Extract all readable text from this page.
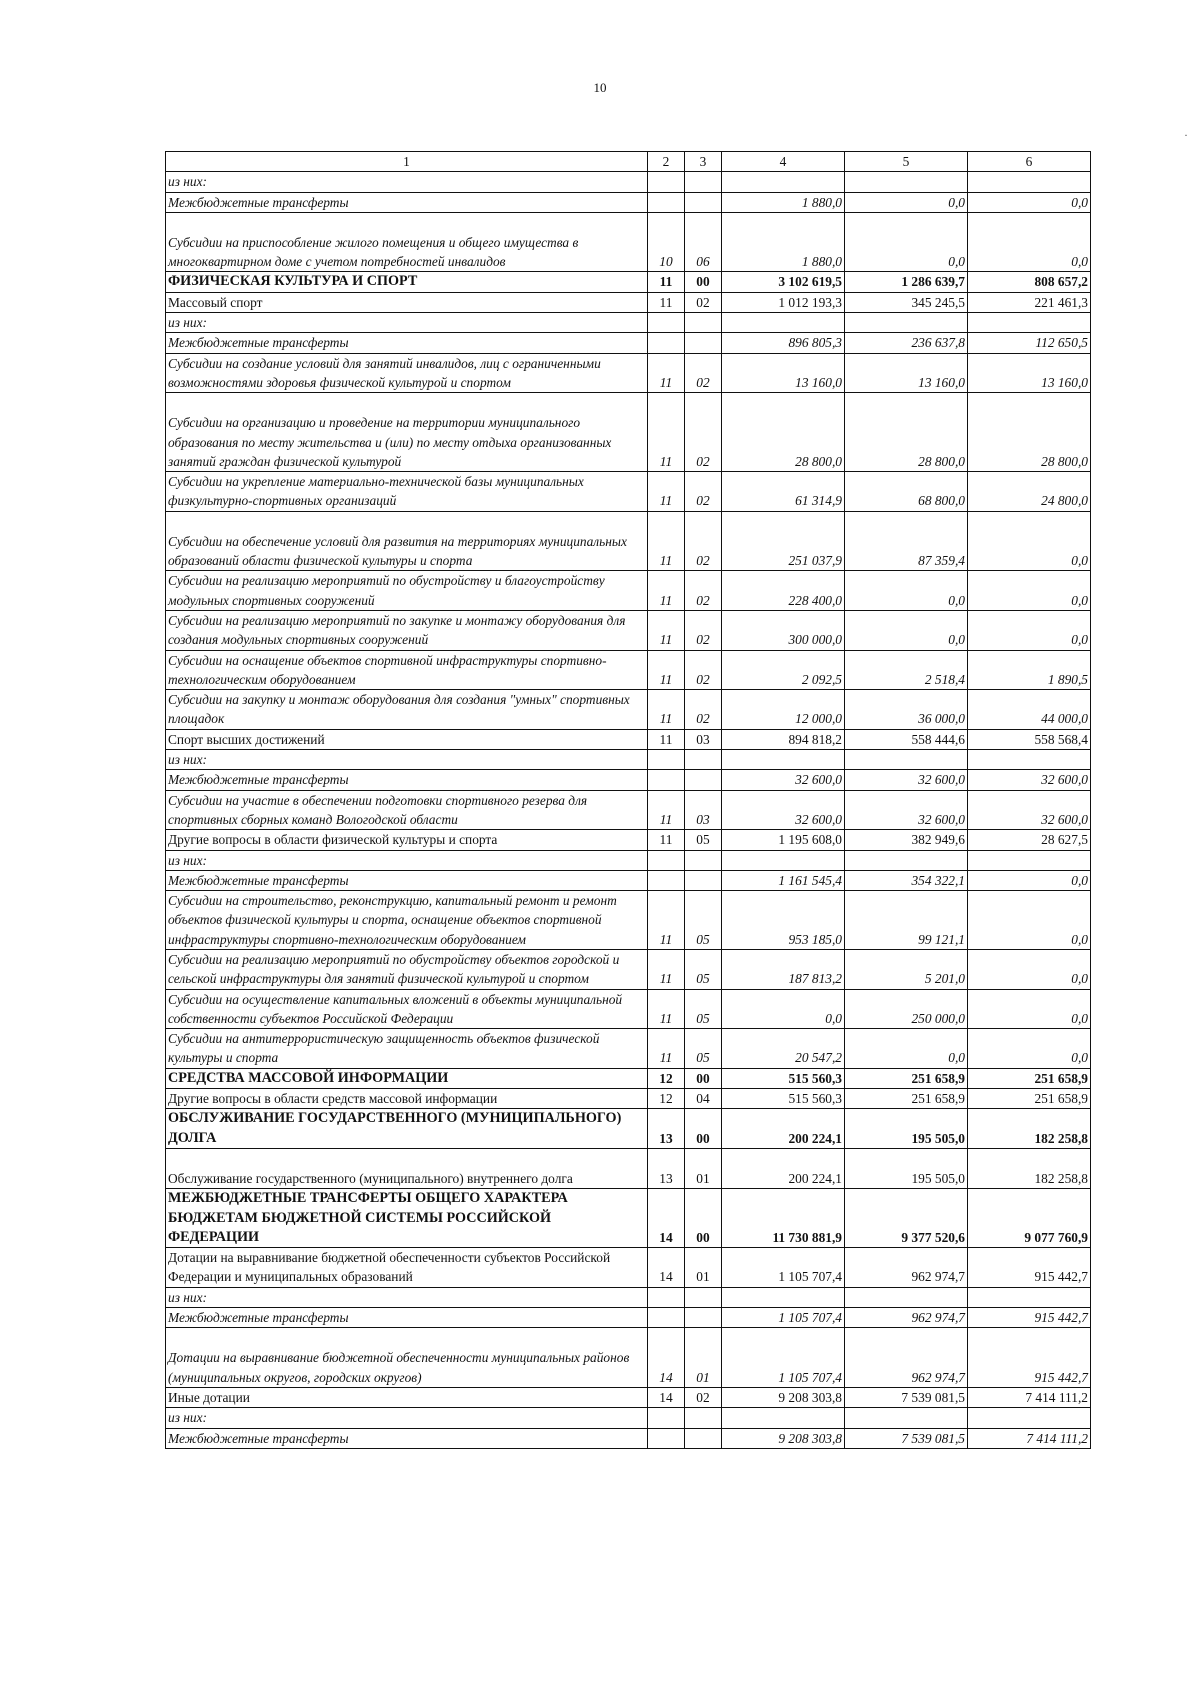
10
1	2	3	4	5	6
из них:					
Межбюджетные трансферты			1 880,0	0,0	0,0
Субсидии на приспособление жилого помещения и общего имущества в многоквартирном доме с учетом потребностей инвалидов	10	06	1 880,0	0,0	0,0
ФИЗИЧЕСКАЯ КУЛЬТУРА И СПОРТ	11	00	3 102 619,5	1 286 639,7	808 657,2
Массовый спорт	11	02	1 012 193,3	345 245,5	221 461,3
из них:					
Межбюджетные трансферты			896 805,3	236 637,8	112 650,5
Субсидии на создание условий для занятий инвалидов, лиц с ограниченными возможностями здоровья физической культурой и спортом	11	02	13 160,0	13 160,0	13 160,0
Субсидии на организацию и проведение на территории муниципального образования по месту жительства и (или) по месту отдыха организованных занятий граждан физической культурой	11	02	28 800,0	28 800,0	28 800,0
Субсидии на укрепление материально-технической базы муниципальных физкультурно-спортивных организаций	11	02	61 314,9	68 800,0	24 800,0
Субсидии на обеспечение условий для развития на территориях муниципальных образований области физической культуры и спорта	11	02	251 037,9	87 359,4	0,0
Субсидии на реализацию мероприятий по обустройству и благоустройству модульных спортивных сооружений	11	02	228 400,0	0,0	0,0
Субсидии на реализацию мероприятий по закупке и монтажу оборудования для создания модульных спортивных сооружений	11	02	300 000,0	0,0	0,0
Субсидии на оснащение объектов спортивной инфраструктуры спортивно-технологическим оборудованием	11	02	2 092,5	2 518,4	1 890,5
Субсидии на закупку и монтаж оборудования для создания "умных" спортивных площадок	11	02	12 000,0	36 000,0	44 000,0
Спорт высших достижений	11	03	894 818,2	558 444,6	558 568,4
из них:					
Межбюджетные трансферты			32 600,0	32 600,0	32 600,0
Субсидии на участие в обеспечении подготовки спортивного резерва для спортивных сборных команд Вологодской области	11	03	32 600,0	32 600,0	32 600,0
Другие вопросы в области физической культуры и спорта	11	05	1 195 608,0	382 949,6	28 627,5
из них:					
Межбюджетные трансферты			1 161 545,4	354 322,1	0,0
Субсидии на строительство, реконструкцию, капитальный ремонт и ремонт объектов физической культуры и спорта, оснащение объектов спортивной инфраструктуры спортивно-технологическим оборудованием	11	05	953 185,0	99 121,1	0,0
Субсидии на реализацию мероприятий по обустройству объектов городской и сельской инфраструктуры для занятий физической культурой и спортом	11	05	187 813,2	5 201,0	0,0
Субсидии на осуществление капитальных вложений в объекты муниципальной собственности субъектов Российской Федерации	11	05	0,0	250 000,0	0,0
Субсидии на антитеррористическую защищенность объектов физической культуры и спорта	11	05	20 547,2	0,0	0,0
СРЕДСТВА МАССОВОЙ ИНФОРМАЦИИ	12	00	515 560,3	251 658,9	251 658,9
Другие вопросы в области средств массовой информации	12	04	515 560,3	251 658,9	251 658,9
ОБСЛУЖИВАНИЕ ГОСУДАРСТВЕННОГО (МУНИЦИПАЛЬНОГО) ДОЛГА	13	00	200 224,1	195 505,0	182 258,8
Обслуживание государственного (муниципального) внутреннего долга	13	01	200 224,1	195 505,0	182 258,8
МЕЖБЮДЖЕТНЫЕ ТРАНСФЕРТЫ ОБЩЕГО ХАРАКТЕРА БЮДЖЕТАМ БЮДЖЕТНОЙ СИСТЕМЫ РОССИЙСКОЙ ФЕДЕРАЦИИ	14	00	11 730 881,9	9 377 520,6	9 077 760,9
Дотации на выравнивание бюджетной обеспеченности субъектов Российской Федерации и муниципальных образований	14	01	1 105 707,4	962 974,7	915 442,7
из них:					
Межбюджетные трансферты			1 105 707,4	962 974,7	915 442,7
Дотации на выравнивание бюджетной обеспеченности муниципальных районов (муниципальных округов, городских округов)	14	01	1 105 707,4	962 974,7	915 442,7
Иные дотации	14	02	9 208 303,8	7 539 081,5	7 414 111,2
из них:					
Межбюджетные трансферты			9 208 303,8	7 539 081,5	7 414 111,2
·
